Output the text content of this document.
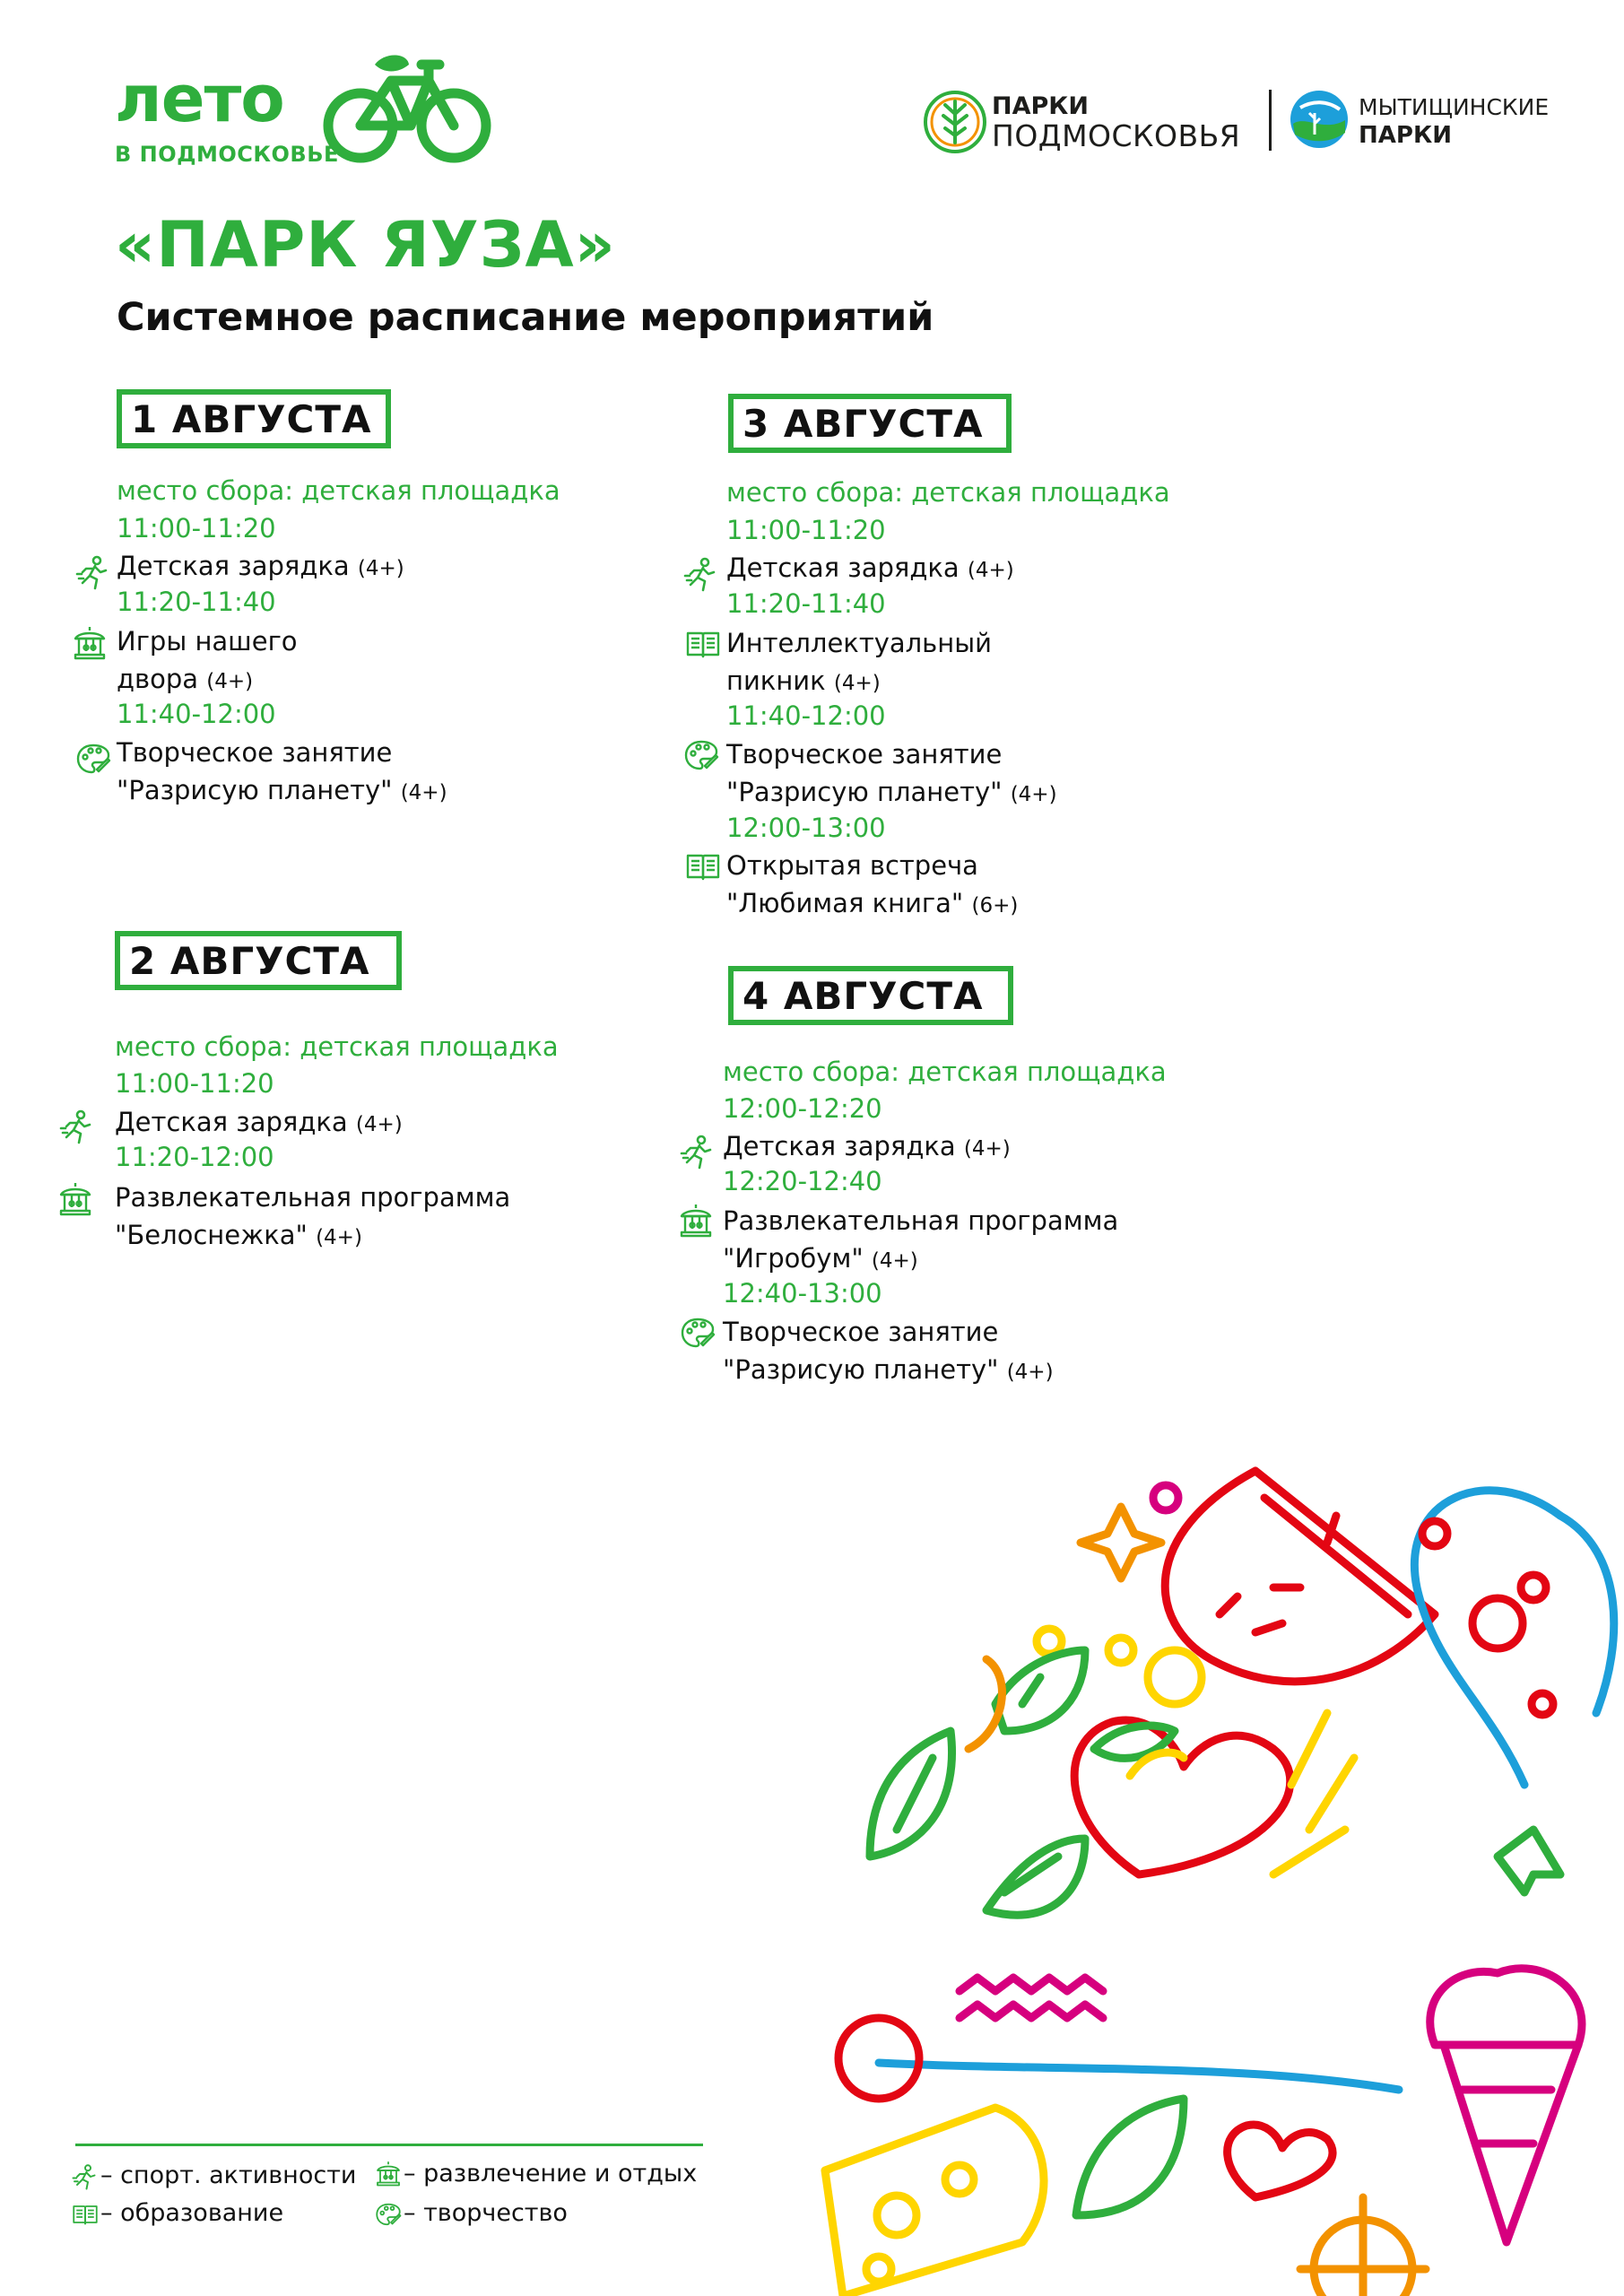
лето
В ПОДМОСКОВЬЕ
ПАРКИ
ПОДМОСКОВЬЯ
МЫТИЩИНСКИЕ
ПАРКИ
«ПАРК ЯУЗА»
Системное расписание мероприятий
1 АВГУСТА
место сбора: детская площадка
11:00-11:20
Детская зарядка (4+)
11:20-11:40
Игры нашего
двора (4+)
11:40-12:00
Творческое занятие
"Разрисую планету" (4+)
2 АВГУСТА
место сбора: детская площадка
11:00-11:20
Детская зарядка (4+)
11:20-12:00
Развлекательная программа
"Белоснежка" (4+)
3 АВГУСТА
место сбора: детская площадка
11:00-11:20
Детская зарядка (4+)
11:20-11:40
Интеллектуальный
пикник (4+)
11:40-12:00
Творческое занятие
"Разрисую планету" (4+)
12:00-13:00
Открытая встреча
"Любимая книга" (6+)
4 АВГУСТА
место сбора: детская площадка
12:00-12:20
Детская зарядка (4+)
12:20-12:40
Развлекательная программа
"Игробум" (4+)
12:40-13:00
Творческое занятие
"Разрисую планету" (4+)
– спорт. активности
– образование
– развлечение и отдых
– творчество
